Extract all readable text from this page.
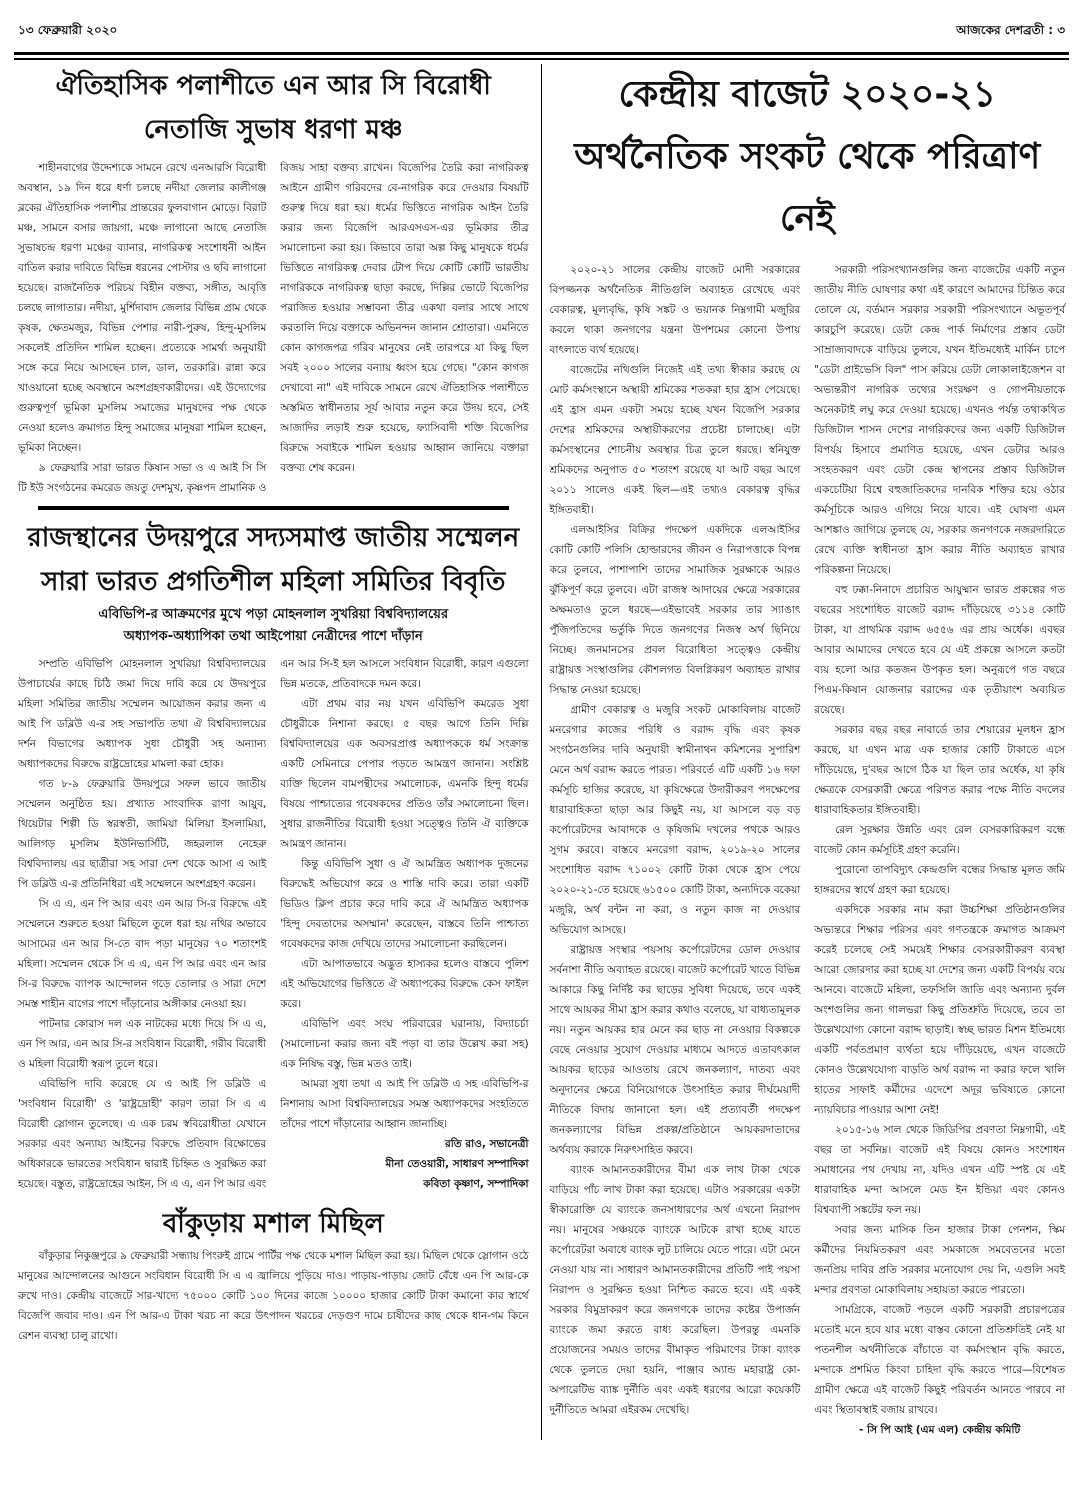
১৩ ফেব্রুয়ারী ২০২০	আজকের দেশব্রতী : ৩
ঐতিহাসিক পলাশীতে এন আর সি বিরোধী
নেতাজি সুভাষ ধরণা মঞ্চ

শাহীনবাগের উদ্দেশ্যকে সামনে রেখে এনআরসি বিরোধী অবস্থান, ১৯ দিন ধরে ধর্ণা চলছে নদীয়া জেলার কালীগঞ্জ ব্লকের ঐতিহাসিক পলাশীর প্রান্তরের ফুলবাগান মোড়ে। বিরাট মঞ্চ, সামনে বসার জায়গা, মঞ্চে লাগানো আছে নেতাজি সুভাষচন্দ্র ধরণা মঞ্চের ব্যানার, নাগরিকত্ব সংশোধনী আইন বাতিল করার দাবিতে বিভিন্ন ধরনের পোস্টার ও ছবি লাগানো হয়েছে। রাজনৈতিক পরিচয় বিহীন বক্তব্য, সঙ্গীত, আবৃত্তি চলছে লাগাতার। নদীয়া, মুর্শিদাবাদ জেলার বিভিন্ন গ্রাম থেকে কৃষক, ক্ষেতমজুর, বিভিন্ন পেশার নারী-পুরুষ, হিন্দু-মুসলিম সকলেই প্রতিদিন শামিল হচ্ছেন। প্রত্যেকে সামর্থ্য অনুযায়ী সঙ্গে করে নিয়ে আসছেন চাল, ডাল, তরকারি। রান্না করে খাওয়ানো হচ্ছে অবস্থানে অংশগ্রহণকারীদের। এই উদ্যোগের গুরুত্বপূর্ণ ভূমিকা মুসলিম সমাজের মানুষদের পক্ষ থেকে নেওয়া হলেও ক্রমাগত হিন্দু সমাজের মানুষরা শামিল হচ্ছেন, ভূমিকা নিচ্ছেন।

৯ ফেব্রুয়ারি সারা ভারত কিষান সভা ও এ আই সি সি টি ইউ সংগঠনের কমরেড জয়তু দেশমুখ, কৃষ্ণপদ প্রামানিক ও বিজয় সাহা বক্তব্য রাখেন। বিজেপির তৈরি করা নাগরিকত্ব আইনে গ্রামীণ গরিবদের বে-নাগরিক করে দেওয়ার বিষয়টি গুরুত্ব দিয়ে ধরা হয়। ধর্মের ভিত্তিতে নাগরিক আইন তৈরি করার জন্য বিজেপি আরএসএস-এর ভূমিকার তীব্র সমালোচনা করা হয়। কিভাবে তারা অল্প কিছু মানুষকে ধর্মের ভিত্তিতে নাগরিকত্ব দেবার টোপ দিয়ে কোটি কোটি ভারতীয় নাগরিককে নাগরিকত্ব ছাড়া করছে, দিল্লির ভোটে বিজেপির পরাজিত হওয়ার সম্ভাবনা তীব্র একথা বলার সাথে সাথে করতালি দিয়ে বক্তাকে অভিনন্দন জানান শ্রোতারা। এমনিতে কোন কাগজপত্র গরিব মানুষের নেই তারপরে যা কিছু ছিল সবই ২০০০ সালের বন্যায় ধ্বংস হয়ে গেছে। "কোন কাগজ দেখাবো না" এই দাবিকে সামনে রেখে ঐতিহাসিক পলাশীতে অস্তমিত স্বাধীনতার সূর্য আবার নতুন করে উদয় হবে, সেই আজাদির লড়াই শুরু হয়েছে, ফ্যাসিবাদী শক্তি বিজেপির বিরুদ্ধে সবাইকে শামিল হওয়ার আহ্বান জানিয়ে বক্তারা বক্তব্য শেষ করেন।

রাজস্থানের উদয়পুরে সদ্যসমাপ্ত জাতীয় সম্মেলন
সারা ভারত প্রগতিশীল মহিলা সমিতির বিবৃতি
এবিভিপি-র আক্রমণের মুখে পড়া মোহনলাল সুখরিয়া বিশ্ববিদ্যালয়ের
অধ্যাপক-অধ্যাপিকা তথা আইপোয়া নেত্রীদের পাশে দাঁড়ান

সম্প্রতি এবিভিপি মোহনলাল সুখরিয়া বিশ্ববিদ্যালয়ের উপাচার্যের কাছে চিঠি জমা দিয়ে দাবি করে যে উদয়পুরে মহিলা সমিতির জাতীয় সম্মেলন আয়োজন করার জন্য এ আই পি ডব্লিউ এ-র সহ সভাপতি তথা ঐ বিশ্ববিদ্যালয়ের দর্শন বিভাগের অধ্যাপক সুধা চৌধুরী সহ অন্যান্য অধ্যাপকদের বিরুদ্ধে রাষ্ট্রদ্রোহের মামলা করা হোক।

গত ৮-৯ ফেব্রুয়ারি উদয়পুরে সফল ভাবে জাতীয় সম্মেলন অনুষ্ঠিত হয়। প্রখ্যাত সাংবাদিক রাণা আয়ুব, থিয়েটার শিল্পী ডি স্বরস্বতী, জামিয়া মিলিয়া ইসলামিয়া, আলিগড় মুসলিম ইউনিভার্সিটি, জহরলাল নেহেরু বিশ্ববিদ্যালয় এর ছাত্রীরা সহ সারা দেশ থেকে আসা এ আই পি ডব্লিউ এ-র প্রতিনিধিরা এই সম্মেলনে অংশগ্রহণ করেন।

সি এ এ, এন পি আর এবং এন আর সি-র বিরুদ্ধে এই সম্মেলনে শুরুতে হওয়া মিছিলে তুলে ধরা হয় নথির অভাবে আসামের এন আর সি-তে বাদ পড়া মানুষের ৭০ শতাংশই মহিলা। সম্মেলন থেকে সি এ এ, এন পি আর এবং এন আর সি-র বিরুদ্ধে ব্যাপক আন্দোলন গড়ে তোলার ও সারা দেশে সমস্ত শাহীন বাগের পাশে দাঁড়ানোর অঙ্গীকার নেওয়া হয়।

পাটনার কোরাস দল এক নাটকের মধ্যে দিয়ে সি এ এ, এন পি আর, এন আর সি-র সংবিধান বিরোধী, গরীব বিরোধী ও মহিলা বিরোধী স্বরূপ তুলে ধরে।

এবিভিপি দাবি করেছে যে এ আই পি ডব্লিউ এ 'সংবিধান বিরোধী' ও 'রাষ্ট্রদ্রোহী' কারণ তারা সি এ এ বিরোধী স্লোগান তুলেছে। এ এক চরম স্ববিরোধীতা যেখানে সরকার এবং অন্যায্য আইনের বিরুদ্ধে প্রতিবাদ বিক্ষোভের অধিকারকে ভারতের সংবিধান দ্বারাই চিহ্নিত ও সুরক্ষিত করা হয়েছে। বস্তুত, রাষ্ট্রদ্রোহের আইন, সি এ এ, এন পি আর এবং এন আর সি-ই হল আসলে সংবিধান বিরোধী, কারণ এগুলো ভিন্ন মতকে, প্রতিবাদকে দমন করে।

এটা প্রথম বার নয় যখন এবিভিপি কমরেড সুধা চৌধুরীকে নিশানা করছে। ৫ বছর আগে তিনি দিল্লি বিশ্ববিদ্যালয়ের এক অবসরপ্রাপ্ত অধ্যাপককে ধর্ম সংক্রান্ত একটি সেমিনারে পেপার পড়তে আমন্ত্রণ জানান। সংশ্লিষ্ট ব্যক্তি ছিলেন বামপন্থীদের সমালোচক, এমনকি হিন্দু ধর্মের বিষয়ে পাশ্চাত্যের গবেষকদের প্রতিও তাঁর সমালোচনা ছিল। সুধার রাজনীতির বিরোধী হওয়া সত্ত্বেও তিনি ঐ ব্যক্তিকে আমন্ত্রণ জানান।

কিন্তু এবিভিপি সুধা ও ঐ আমন্ত্রিত অধ্যাপক দুজনের বিরুদ্ধেই অভিযোগ করে ও শাস্তি দাবি করে। তারা একটি ভিডিও ক্লিপ প্রচার করে দাবি করে ঐ আমন্ত্রিত অধ্যাপক 'হিন্দু দেবতাদের অসম্মান' করেছেন, বাস্তবে তিনি পাশ্চাত্য গবেষকদের কাজ দেখিয়ে তাদের সমালোচনা করছিলেন।

এটা আপাতভাবে অদ্ভুত হাস্যকর হলেও বাস্তবে পুলিশ এই অভিযোগের ভিত্তিতে ঐ অধ্যাপকের বিরুদ্ধে কেস ফাইল করে।

এবিভিপি এবং সংঘ পরিবারের ঘরানায়, বিদ্যাচর্চা (সমালোচনা করার জন্য বই পড়া বা তার উল্লেখ করা সহ) এক নিষিদ্ধ বস্তু, ভিন্ন মতও তাই।

আমরা সুধা তথা এ আই পি ডব্লিউ এ সহ এবিভিপি-র নিশানায় আসা বিশ্ববিদ্যালয়ের সমস্ত অধ্যাপকদের সংহতিতে তাঁদের পাশে দাঁড়ানোর আহ্বান জানাচ্ছি।

রতি রাও, সভানেত্রী

মীনা তেওয়ারী, সাধারণ সম্পাদিকা

কবিতা কৃষ্ণাণ, সম্পাদিকা

বাঁকুড়ায় মশাল মিছিল

বাঁকুড়ার নিকুঞ্জপুরে ৯ ফেব্রুয়ারী সন্ধ্যায় পিংরুই গ্রামে পার্টির পক্ষ থেকে মশাল মিছিল করা হয়। মিছিল থেকে স্লোগান ওঠে মানুষের আন্দোলনের আগুনে সংবিধান বিরোধী সি এ এ জ্বালিয়ে পুড়িয়ে দাও। পাড়ায়-পাড়ায় জোট বেঁধে এন পি আর-কে রুখে দাও। কেন্দ্রীয় বাজেটে সার-খাদ্যে ৭৫০০০ কোটি ১০০ দিনের কাজে ১০০০০ হাজার কোটি টাকা কমানো কার স্বার্থে বিজেপি জবাব দাও। এন পি আর-এ টাকা খরচ না করে উৎপাদন খরচের দেড়গুণ দামে চাষীদের কাছ থেকে ধান-গম কিনে রেশন ব্যবস্থা চালু রাখো।

কেন্দ্রীয় বাজেট ২০২০-২১
অর্থনৈতিক সংকট থেকে পরিত্রাণ নেই

২০২০-২১ সালের কেন্দ্রীয় বাজেট মোদী সরকারের বিপজ্জনক অর্থনৈতিক নীতিগুলি অব্যাহত রেখেছে এবং বেকারত্ব, মূল্যবৃদ্ধি, কৃষি সঙ্কট ও ভয়ানক নিম্নগামী মজুরির কবলে থাকা জনগণের যন্ত্রনা উপশমের কোনো উপায় বাৎলাতে ব্যর্থ হয়েছে।

বাজেটের নথিগুলি নিজেই এই তথ্য স্বীকার করছে যে মোট কর্মসংস্থানে অস্থায়ী শ্রমিকের শতকরা হার হ্রাস পেয়েছে। এই হ্রাস এমন একটা সময়ে হচ্ছে যখন বিজেপি সরকার দেশের শ্রমিকদের অস্থায়ীকরণের প্রচেষ্টা চালাচ্ছে। এটা কর্মসংস্থানের শোচনীয় অবস্থার চিত্র তুলে ধরছে। স্বনিযুক্ত শ্রমিকদের অনুপাত ৫০ শতাংশ রয়েছে যা আট বছর আগে ২০১১ সালেও একই ছিল—এই তথ্যও বেকারত্ব বৃদ্ধির ইঙ্গিতবাহী।

এলআইসির বিক্রির পদক্ষেপ একদিকে এলআইসির কোটি কোটি পলিসি হোল্ডারদের জীবন ও নিরাপত্তাকে বিপন্ন করে তুলবে, পাশাপাশি তাদের সামাজিক সুরক্ষাকে আরও ঝুঁকিপূর্ণ করে তুলবে। এটা রাজস্ব আদায়ের ক্ষেত্রে সরকারের অক্ষমতাও তুলে ধরছে—এইভাবেই সরকার তার স্যাঙাৎ পুঁজিপতিদের ভর্তুকি দিতে জনগণের নিজস্ব অর্থ ছিনিয়ে নিচ্ছে। জনমানসের প্রবল বিরোধিতা সত্ত্বেও কেন্দ্রীয় রাষ্ট্রায়ত্ত সংস্থাগুলির কৌশলগত বিলগ্নিকরণ অব্যাহত রাখার সিদ্ধান্ত নেওয়া হয়েছে।

গ্রামীণ বেকারত্ব ও মজুরি সংকট মোকাবিলায় বাজেট মনরেগার কাজের পরিধি ও বরাদ্দ বৃদ্ধি এবং কৃষক সংগঠনগুলির দাবি অনুযায়ী স্বামীনাথন কমিশনের সুপারিশ মেনে অর্থ বরাদ্দ করতে পারত। পরিবর্তে এটি একটি ১৬ দফা কর্মসূচি হাজির করেছে, যা কৃষিক্ষেত্রে উদারীকরণ পদক্ষেপের ধারাবাহিকতা ছাড়া আর কিছুই নয়, যা আসলে বড় বড় কর্পোরেটদের আবাদকে ও কৃষিজমি দখলের পথকে আরও সুগম করবে। বাস্তবে মনরেগা বরাদ্দ, ২০১৯-২০ সালের সংশোধিত বরাদ্দ ৭১০০২ কোটি টাকা থেকে হ্রাস পেয়ে ২০২০-২১-তে হয়েছে ৬১৫০০ কোটি টাকা, অন্যদিকে বকেয়া মজুরি, অর্থ বন্টন না করা, ও নতুন কাজ না দেওয়ার অভিযোগ আসছে।

রাষ্ট্রায়ত্ত সংস্থার পয়সায় কর্পোরেটদের ডোল দেওয়ার সর্বনাশা নীতি অব্যাহত রয়েছে। বাজেট কর্পোরেট খাতে বিভিন্ন আকারে কিছু নির্দিষ্ট কর ছাড়ের সুবিধা দিয়েছে, তবে একই সাথে আয়কর সীমা হ্রাস করার কথাও বলেছে, যা বাধ্যতামূলক নয়। নতুন আয়কর হার মেনে কর ছাড় না নেওয়ার বিকল্পকে বেছে নেওয়ার সুযোগ দেওয়ার মাধ্যমে আদতে এতাবৎকাল আয়কর ছাড়ের আওতায় রেখে জনকল্যাণ, দাতব্য এবং অনুদানের ক্ষেত্রে বিনিয়োগকে উৎসাহিত করার দীর্ঘমেয়াদী নীতিকে বিদায় জানানো হল। এই প্রত্যাবর্তী পদক্ষেপ জনকল্যাণের বিভিন্ন প্রকল্প/প্রতিষ্ঠানে আয়করদাতাদের অর্থব্যয় করাকে নিরুৎসাহিত করবে।

ব্যাংক আমানতকারীদের বীমা এক লাখ টাকা থেকে বাড়িয়ে পাঁচ লাখ টাকা করা হয়েছে। এটাও সরকারের একটা স্বীকারোক্তি যে ব্যাংকে জনসাধারণের অর্থ এখনো নিরাপদ নয়। মানুষের সঞ্চয়কে ব্যাংকে আটকে রাখা হচ্ছে যাতে কর্পোরেটরা অবাধে ব্যাংক লুট চালিয়ে যেতে পারে। এটা মেনে নেওয়া যায় না। সাধারণ আমানতকারীদের প্রতিটি পাই পয়সা নিরাপদ ও সুরক্ষিত হওয়া নিশ্চিত করতে হবে। এই একই সরকার বিমুদ্রাকরণ করে জনগণকে তাদের কষ্টের উপার্জন ব্যাংকে জমা করতে বাধ্য করেছিল। উপরন্তু এমনকি প্রয়োজনের সময়ও তাদের বীমাকৃত পরিমাণের টাকা ব্যাংক থেকে তুলতে দেয়া হয়নি, পাঞ্জাব অ্যান্ড মহারাষ্ট্র কো-অপারেটিভ ব্যাঙ্ক দুর্নীতি এবং একই ধরণের আরো কয়েকটি দুর্নীতিতে আমরা এইরকম দেখেছি।

সরকারী পরিসংখ্যানগুলির জন্য বাজেটের একটি নতুন জাতীয় নীতি ঘোষণার কথা এই কারণে আমাদের চিন্তিত করে তোলে যে, বর্তমান সরকার সরকারী পরিসংখ্যানে অভূতপূর্ব কারচুপি করেছে। ডেটা কেন্দ্র পার্ক নির্মাণের প্রস্তাব ডেটা সাম্রাজ্যবাদকে বাড়িয়ে তুলবে, যখন ইতিমধ্যেই মার্কিন চাপে "ডেটা প্রাইভেসি বিল" পাস করিয়ে ডেটা লোকালাইজেশন বা অভ্যন্তরীণ নাগরিক তথ্যের সংরক্ষণ ও গোপনীয়তাকে অনেকটাই লঘু করে দেওয়া হয়েছে। এখনও পর্যন্ত তথাকথিত ডিজিটাল শাসন দেশের নাগরিকদের জন্য একটি ডিজিটাল বিপর্যয় হিসাবে প্রমাণিত হয়েছে, এখন ডেটার আরও সংহতকরণ এবং ডেটা কেন্দ্র স্থাপনের প্রস্তাব ডিজিটাল একচেটিয়া বিশ্বে বহুজাতিকদের দানবিক শক্তির হয়ে ওঠার কর্মসূচিকে আরও এগিয়ে নিয়ে যাবে। এই ঘোষণা এমন আশঙ্কাও জাগিয়ে তুলছে যে, সরকার জনগণকে নজরদারিতে রেখে ব্যক্তি স্বাধীনতা হ্রাস করার নীতি অব্যাহত রাখার পরিকল্পনা নিয়েছে।

বহু ঢক্কা-নিনাদে প্রচারিত আয়ুষ্মান ভারত প্রকল্পের গত বছরের সংশোধিত বাজেট বরাদ্দ দাঁড়িয়েছে ৩১১৪ কোটি টাকা, যা প্রাথমিক বরাদ্দ ৬৫৫৬ এর প্রায় অর্ধেক। এবছর আবার আমাদের দেখতে হবে যে এই প্রকল্পে আসলে কতটা ব্যয় হলো আর কতজন উপকৃত হল। অনুরূপে গত বছরে পিএম-কিষান যোজনার বরাদ্দের এক তৃতীয়াংশ অব্যয়িত রয়েছে।

সরকার বছর বছর নাবার্ডে তার শেয়ারের মূলধন হ্রাস করছে, যা এখন মাত্র এক হাজার কোটি টাকাতে এসে দাঁড়িয়েছে, দু'বছর আগে ঠিক যা ছিল তার অর্ধেক, যা কৃষি ক্ষেত্রকে বেসরকারী ক্ষেত্রে পরিণত করার পক্ষে নীতি বদলের ধারাবাহিকতার ইঙ্গিতবাহী।

রেল সুরক্ষার উন্নতি এবং রেল বেসরকারিকরণ বন্ধে বাজেট কোন কর্মসূচিই গ্রহণ করেনি।

পুরোনো তাপবিদ্যুৎ কেন্দ্রগুলি বন্ধের সিদ্ধান্ত মূলত জমি হাঙ্গরদের স্বার্থে গ্রহণ করা হয়েছে।

একদিকে সরকার নাম করা উচ্চশিক্ষা প্রতিষ্ঠানগুলির অভ্যন্তরে শিক্ষার পরিসর এবং গণতন্ত্রকে ক্রমাগত আক্রমণ করেই চলেছে সেই সময়েই শিক্ষার বেসরকারীকরণ ব্যবস্থা আরো জোরদার করা হচ্ছে যা দেশের জন্য একটি বিপর্যয় বয়ে আনবে। বাজেটে মহিলা, তফসিলি জাতি এবং অন্যান্য দুর্বল অংশগুলির জন্য গালভরা কিছু প্রতিশ্রুতি দিয়েছে, তবে তা উল্লেখযোগ্য কোনো বরাদ্দ ছাড়াই। স্বচ্ছ ভারত মিশন ইতিমধ্যে একটি পর্বতপ্রমাণ ব্যর্থতা হয়ে দাঁড়িয়েছে, এখন বাজেটে কোনও উল্লেখযোগ্য বাড়তি অর্থ বরাদ্দ না করার ফলে খালি হাতের সাফাই কর্মীদের এদেশে অদূর ভবিষ্যতে কোনো ন্যায়বিচার পাওয়ার আশা নেই!

২০১৫-১৬ সাল থেকে জিডিপির প্রবণতা নিম্নগামী, এই বছর তা সর্বনিম্ন। বাজেট এই বিষয়ে কোনও সংশোধন সমাধানের পথ দেখায় না, যদিও এখন এটি স্পষ্ট যে এই ধারাবাহিক মন্দা আসলে মেড ইন ইন্ডিয়া এবং কোনও বিশ্বব্যাপী সঙ্কটের ফল নয়।

সবার জন্য মাসিক তিন হাজার টাকা পেনশন, স্কিম কর্মীদের নিয়মিতকরণ এবং সমকাজে সমবেতনের মতো জনপ্রিয় দাবির প্রতি সরকার মনোযোগ দেয় নি, এগুলি সবই মন্দার প্রবণতা মোকাবিলায় সহায়তা করতে পারতো।

সামগ্রিকে, বাজেট পড়লে একটি সরকারী প্রচারপত্রের মতোই মনে হবে যার মধ্যে বাস্তব কোনো প্রতিশ্রুতিই নেই যা পতনশীল অর্থনীতিকে বাঁচাতে বা কর্মসংস্থান বৃদ্ধি করতে, মন্দাকে প্রশমিত কিংবা চাহিদা বৃদ্ধি করতে পারে—বিশেষত গ্রামীণ ক্ষেত্রে এই বাজেট কিছুই পরিবর্তন আনতে পারবে না এবং স্থিতাবস্থাই বজায় রাখবে।

- সি পি আই (এম এল) কেন্দ্রীয় কমিটি
